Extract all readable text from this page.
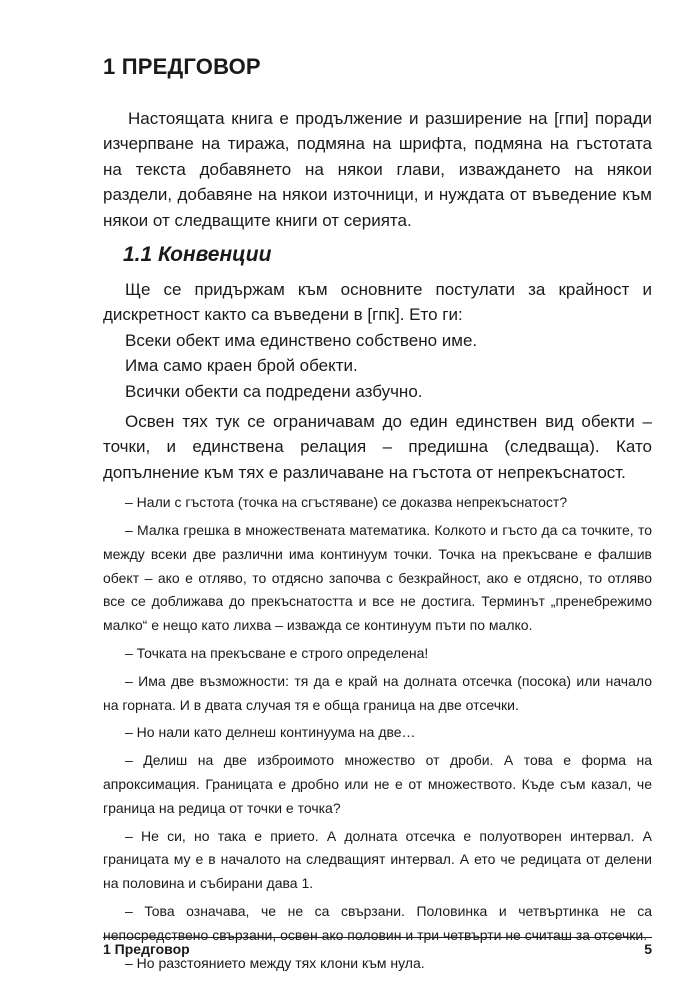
1 ПРЕДГОВОР

Настоящата книга е продължение и разширение на [гпи] поради изчерпване на тиража, подмяна на шрифта, подмяна на гъстотата на текста добавянето на някои глави, изваждането на някои раздели, добавяне на някои източници, и нуждата от въведение към някои от следващите книги от серията.

1.1 Конвенции

Ще се придържам към основните постулати за крайност и дискретност както са въведени в [гпк]. Ето ги:

Всеки обект има единствено собствено име.

Има само краен брой обекти.

Всички обекти са подредени азбучно.

Освен тях тук се ограничавам до един единствен вид обекти – точки, и единствена релация – предишна (следваща). Като допълнение към тях е различаване на гъстота от непрекъснатост.

– Нали с гъстота (точка на сгъстяване) се доказва непрекъснатост?

– Малка грешка в множествената математика. Колкото и гъсто да са точките, то между всеки две различни има континуум точки. Точка на прекъсване е фалшив обект – ако е отляво, то отдясно започва с безкрайност, ако е отдясно, то отляво все се доближава до прекъснатостта и все не достига. Терминът „пренебрежимо малко“ е нещо като лихва – изважда се континуум пъти по малко.

– Точката на прекъсване е строго определена!

– Има две възможности: тя да е край на долната отсечка (посока) или начало на горната. И в двата случая тя е обща граница на две отсечки.

– Но нали като делнеш континуума на две…

– Делиш на две изброимото множество от дроби. А това е форма на апроксимация. Границата е дробно или не е от множеството. Къде съм казал, че граница на редица от точки е точка?

– Не си, но така е прието. А долната отсечка е полуотворен интервал. А границата му е в началото на следващият интервал. А ето че редицата от делени на половина и събирани дава 1.

– Това означава, че не са свързани. Половинка и четвъртинка не са непосредствено свързани, освен ако половин и три четвърти не считаш за отсечки.

– Но разстоянието между тях клони към нула.

1 Предговор	5
